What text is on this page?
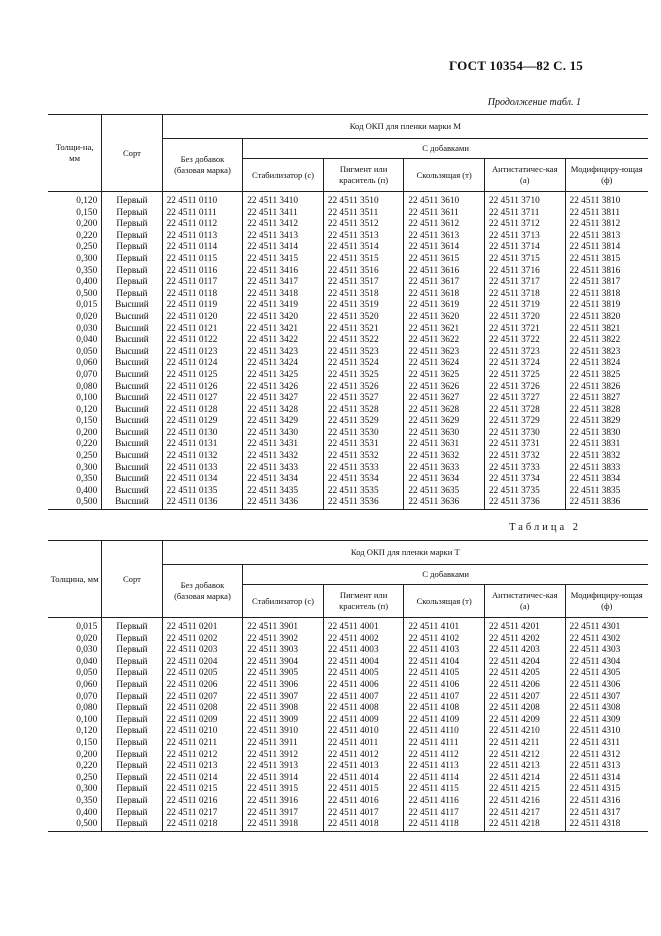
ГОСТ 10354—82 С. 15
Продолжение табл. 1
Толщи-на, мм	Сорт	Код ОКП для пленки марки М					
		Без добавок (базовая марка)	С добавками				
			Стабилизатор (с)	Пигмент или краситель (п)	Скользящая (т)	Антистатичес-кая (а)	Модифициру-ющая (ф)
0,120	Первый	22 4511 0110	22 4511 3410	22 4511 3510	22 4511 3610	22 4511 3710	22 4511 3810
0,150	Первый	22 4511 0111	22 4511 3411	22 4511 3511	22 4511 3611	22 4511 3711	22 4511 3811
0,200	Первый	22 4511 0112	22 4511 3412	22 4511 3512	22 4511 3612	22 4511 3712	22 4511 3812
0,220	Первый	22 4511 0113	22 4511 3413	22 4511 3513	22 4511 3613	22 4511 3713	22 4511 3813
0,250	Первый	22 4511 0114	22 4511 3414	22 4511 3514	22 4511 3614	22 4511 3714	22 4511 3814
0,300	Первый	22 4511 0115	22 4511 3415	22 4511 3515	22 4511 3615	22 4511 3715	22 4511 3815
0,350	Первый	22 4511 0116	22 4511 3416	22 4511 3516	22 4511 3616	22 4511 3716	22 4511 3816
0,400	Первый	22 4511 0117	22 4511 3417	22 4511 3517	22 4511 3617	22 4511 3717	22 4511 3817
0,500	Первый	22 4511 0118	22 4511 3418	22 4511 3518	22 4511 3618	22 4511 3718	22 4511 3818
0,015	Высший	22 4511 0119	22 4511 3419	22 4511 3519	22 4511 3619	22 4511 3719	22 4511 3819
0,020	Высший	22 4511 0120	22 4511 3420	22 4511 3520	22 4511 3620	22 4511 3720	22 4511 3820
0,030	Высший	22 4511 0121	22 4511 3421	22 4511 3521	22 4511 3621	22 4511 3721	22 4511 3821
0,040	Высший	22 4511 0122	22 4511 3422	22 4511 3522	22 4511 3622	22 4511 3722	22 4511 3822
0,050	Высший	22 4511 0123	22 4511 3423	22 4511 3523	22 4511 3623	22 4511 3723	22 4511 3823
0,060	Высший	22 4511 0124	22 4511 3424	22 4511 3524	22 4511 3624	22 4511 3724	22 4511 3824
0,070	Высший	22 4511 0125	22 4511 3425	22 4511 3525	22 4511 3625	22 4511 3725	22 4511 3825
0,080	Высший	22 4511 0126	22 4511 3426	22 4511 3526	22 4511 3626	22 4511 3726	22 4511 3826
0,100	Высший	22 4511 0127	22 4511 3427	22 4511 3527	22 4511 3627	22 4511 3727	22 4511 3827
0,120	Высший	22 4511 0128	22 4511 3428	22 4511 3528	22 4511 3628	22 4511 3728	22 4511 3828
0,150	Высший	22 4511 0129	22 4511 3429	22 4511 3529	22 4511 3629	22 4511 3729	22 4511 3829
0,200	Высший	22 4511 0130	22 4511 3430	22 4511 3530	22 4511 3630	22 4511 3730	22 4511 3830
0,220	Высший	22 4511 0131	22 4511 3431	22 4511 3531	22 4511 3631	22 4511 3731	22 4511 3831
0,250	Высший	22 4511 0132	22 4511 3432	22 4511 3532	22 4511 3632	22 4511 3732	22 4511 3832
0,300	Высший	22 4511 0133	22 4511 3433	22 4511 3533	22 4511 3633	22 4511 3733	22 4511 3833
0,350	Высший	22 4511 0134	22 4511 3434	22 4511 3534	22 4511 3634	22 4511 3734	22 4511 3834
0,400	Высший	22 4511 0135	22 4511 3435	22 4511 3535	22 4511 3635	22 4511 3735	22 4511 3835
0,500	Высший	22 4511 0136	22 4511 3436	22 4511 3536	22 4511 3636	22 4511 3736	22 4511 3836
Таблица 2
Толщина, мм	Сорт	Код ОКП для пленки марки Т					
		Без добавок (базовая марка)	С добавками				
			Стабилизатор (с)	Пигмент или краситель (п)	Скользящая (т)	Антистатичес-кая (а)	Модифициру-ющая (ф)
0,015	Первый	22 4511 0201	22 4511 3901	22 4511 4001	22 4511 4101	22 4511 4201	22 4511 4301
0,020	Первый	22 4511 0202	22 4511 3902	22 4511 4002	22 4511 4102	22 4511 4202	22 4511 4302
0,030	Первый	22 4511 0203	22 4511 3903	22 4511 4003	22 4511 4103	22 4511 4203	22 4511 4303
0,040	Первый	22 4511 0204	22 4511 3904	22 4511 4004	22 4511 4104	22 4511 4204	22 4511 4304
0,050	Первый	22 4511 0205	22 4511 3905	22 4511 4005	22 4511 4105	22 4511 4205	22 4511 4305
0,060	Первый	22 4511 0206	22 4511 3906	22 4511 4006	22 4511 4106	22 4511 4206	22 4511 4306
0,070	Первый	22 4511 0207	22 4511 3907	22 4511 4007	22 4511 4107	22 4511 4207	22 4511 4307
0,080	Первый	22 4511 0208	22 4511 3908	22 4511 4008	22 4511 4108	22 4511 4208	22 4511 4308
0,100	Первый	22 4511 0209	22 4511 3909	22 4511 4009	22 4511 4109	22 4511 4209	22 4511 4309
0,120	Первый	22 4511 0210	22 4511 3910	22 4511 4010	22 4511 4110	22 4511 4210	22 4511 4310
0,150	Первый	22 4511 0211	22 4511 3911	22 4511 4011	22 4511 4111	22 4511 4211	22 4511 4311
0,200	Первый	22 4511 0212	22 4511 3912	22 4511 4012	22 4511 4112	22 4511 4212	22 4511 4312
0,220	Первый	22 4511 0213	22 4511 3913	22 4511 4013	22 4511 4113	22 4511 4213	22 4511 4313
0,250	Первый	22 4511 0214	22 4511 3914	22 4511 4014	22 4511 4114	22 4511 4214	22 4511 4314
0,300	Первый	22 4511 0215	22 4511 3915	22 4511 4015	22 4511 4115	22 4511 4215	22 4511 4315
0,350	Первый	22 4511 0216	22 4511 3916	22 4511 4016	22 4511 4116	22 4511 4216	22 4511 4316
0,400	Первый	22 4511 0217	22 4511 3917	22 4511 4017	22 4511 4117	22 4511 4217	22 4511 4317
0,500	Первый	22 4511 0218	22 4511 3918	22 4511 4018	22 4511 4118	22 4511 4218	22 4511 4318
